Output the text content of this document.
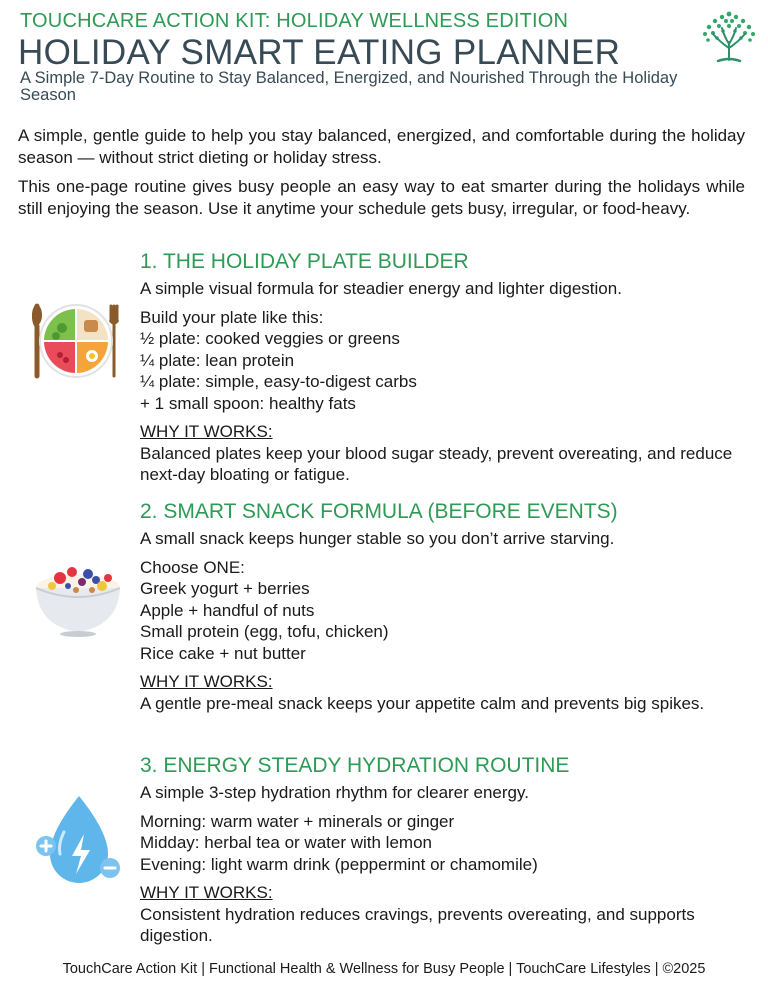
TOUCHCARE ACTION KIT: HOLIDAY WELLNESS EDITION
HOLIDAY SMART EATING PLANNER
A Simple 7-Day Routine to Stay Balanced, Energized, and Nourished Through the Holiday Season
A simple, gentle guide to help you stay balanced, energized, and comfortable during the holiday season — without strict dieting or holiday stress.
This one-page routine gives busy people an easy way to eat smarter during the holidays while still enjoying the season. Use it anytime your schedule gets busy, irregular, or food-heavy.
1. THE HOLIDAY PLATE BUILDER

A simple visual formula for steadier energy and lighter digestion.

Build your plate like this:

½ plate: cooked veggies or greens

¼ plate: lean protein

¼ plate: simple, easy-to-digest carbs

+ 1 small spoon: healthy fats

WHY IT WORKS:

Balanced plates keep your blood sugar steady, prevent overeating, and reduce next-day bloating or fatigue.

2. SMART SNACK FORMULA (BEFORE EVENTS)

A small snack keeps hunger stable so you don’t arrive starving.

Choose ONE:

Greek yogurt + berries

Apple + handful of nuts

Small protein (egg, tofu, chicken)

Rice cake + nut butter

WHY IT WORKS:

A gentle pre-meal snack keeps your appetite calm and prevents big spikes.

3. ENERGY STEADY HYDRATION ROUTINE

A simple 3-step hydration rhythm for clearer energy.

Morning: warm water + minerals or ginger

Midday: herbal tea or water with lemon

Evening: light warm drink (peppermint or chamomile)

WHY IT WORKS:

Consistent hydration reduces cravings, prevents overeating, and supports digestion.

TouchCare Action Kit | Functional Health & Wellness for Busy People | TouchCare Lifestyles | ©2025
